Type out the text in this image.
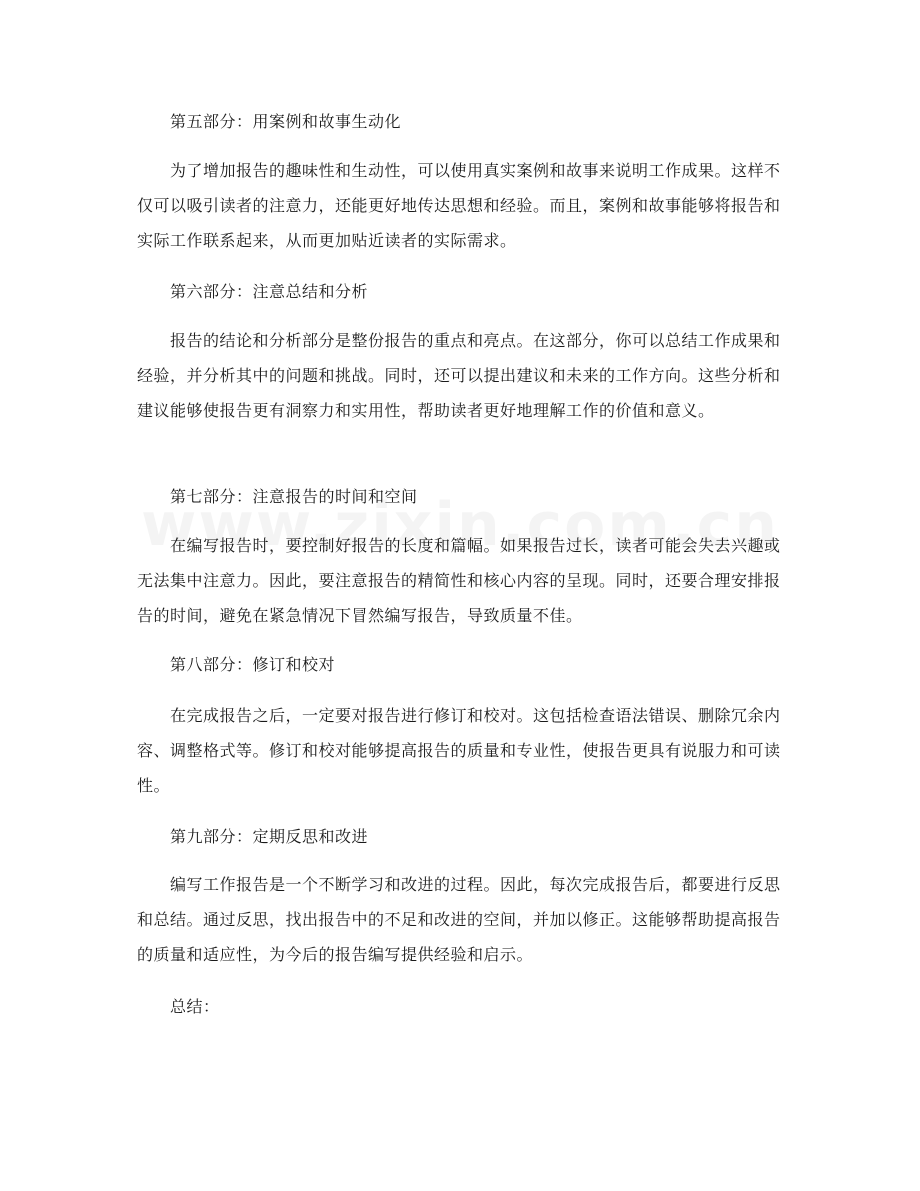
第五部分：用案例和故事生动化
为了增加报告的趣味性和生动性，可以使用真实案例和故事来说明工作成果。这样不仅可以吸引读者的注意力，还能更好地传达思想和经验。而且，案例和故事能够将报告和实际工作联系起来，从而更加贴近读者的实际需求。
第六部分：注意总结和分析
报告的结论和分析部分是整份报告的重点和亮点。在这部分，你可以总结工作成果和经验，并分析其中的问题和挑战。同时，还可以提出建议和未来的工作方向。这些分析和建议能够使报告更有洞察力和实用性，帮助读者更好地理解工作的价值和意义。
第七部分：注意报告的时间和空间
在编写报告时，要控制好报告的长度和篇幅。如果报告过长，读者可能会失去兴趣或无法集中注意力。因此，要注意报告的精简性和核心内容的呈现。同时，还要合理安排报告的时间，避免在紧急情况下冒然编写报告，导致质量不佳。
第八部分：修订和校对
在完成报告之后，一定要对报告进行修订和校对。这包括检查语法错误、删除冗余内容、调整格式等。修订和校对能够提高报告的质量和专业性，使报告更具有说服力和可读性。
第九部分：定期反思和改进
编写工作报告是一个不断学习和改进的过程。因此，每次完成报告后，都要进行反思和总结。通过反思，找出报告中的不足和改进的空间，并加以修正。这能够帮助提高报告的质量和适应性，为今后的报告编写提供经验和启示。
总结：
